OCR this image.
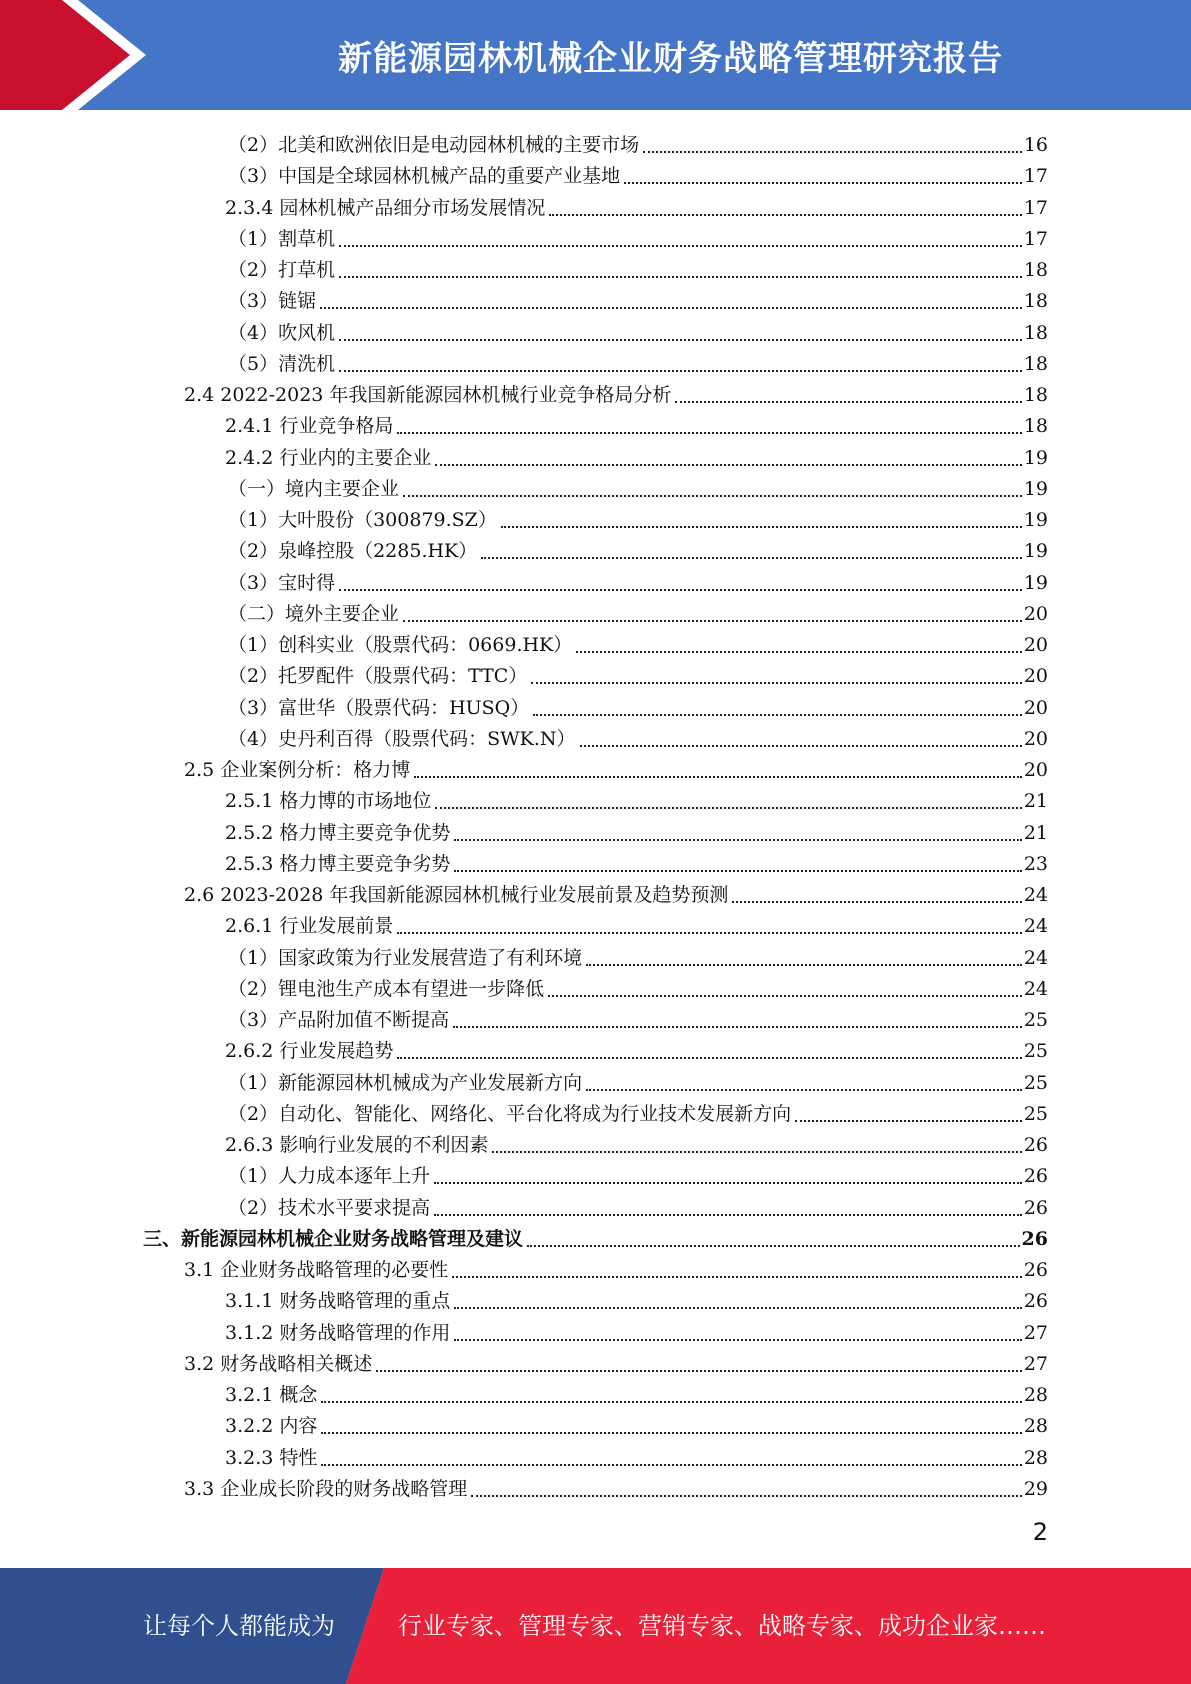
新能源园林机械企业财务战略管理研究报告
（2）北美和欧洲依旧是电动园林机械的主要市场	16
（3）中国是全球园林机械产品的重要产业基地	17
2.3.4 园林机械产品细分市场发展情况	17
（1）割草机	17
（2）打草机	18
（3）链锯	18
（4）吹风机	18
（5）清洗机	18
2.4 2022-2023 年我国新能源园林机械行业竞争格局分析	18
2.4.1 行业竞争格局	18
2.4.2 行业内的主要企业	19
（一）境内主要企业	19
（1）大叶股份（300879.SZ）	19
（2）泉峰控股（2285.HK）	19
（3）宝时得	19
（二）境外主要企业	20
（1）创科实业（股票代码：0669.HK）	20
（2）托罗配件（股票代码：TTC）	20
（3）富世华（股票代码：HUSQ）	20
（4）史丹利百得（股票代码：SWK.N）	20
2.5 企业案例分析：格力博	20
2.5.1 格力博的市场地位	21
2.5.2 格力博主要竞争优势	21
2.5.3 格力博主要竞争劣势	23
2.6 2023-2028 年我国新能源园林机械行业发展前景及趋势预测	24
2.6.1 行业发展前景	24
（1）国家政策为行业发展营造了有利环境	24
（2）锂电池生产成本有望进一步降低	24
（3）产品附加值不断提高	25
2.6.2 行业发展趋势	25
（1）新能源园林机械成为产业发展新方向	25
（2）自动化、智能化、网络化、平台化将成为行业技术发展新方向	25
2.6.3 影响行业发展的不利因素	26
（1）人力成本逐年上升	26
（2）技术水平要求提高	26
三、新能源园林机械企业财务战略管理及建议	26
3.1 企业财务战略管理的必要性	26
3.1.1 财务战略管理的重点	26
3.1.2 财务战略管理的作用	27
3.2 财务战略相关概述	27
3.2.1 概念	28
3.2.2 内容	28
3.2.3 特性	28
3.3 企业成长阶段的财务战略管理	29
2
让每个人都能成为	行业专家、管理专家、营销专家、战略专家、成功企业家……
